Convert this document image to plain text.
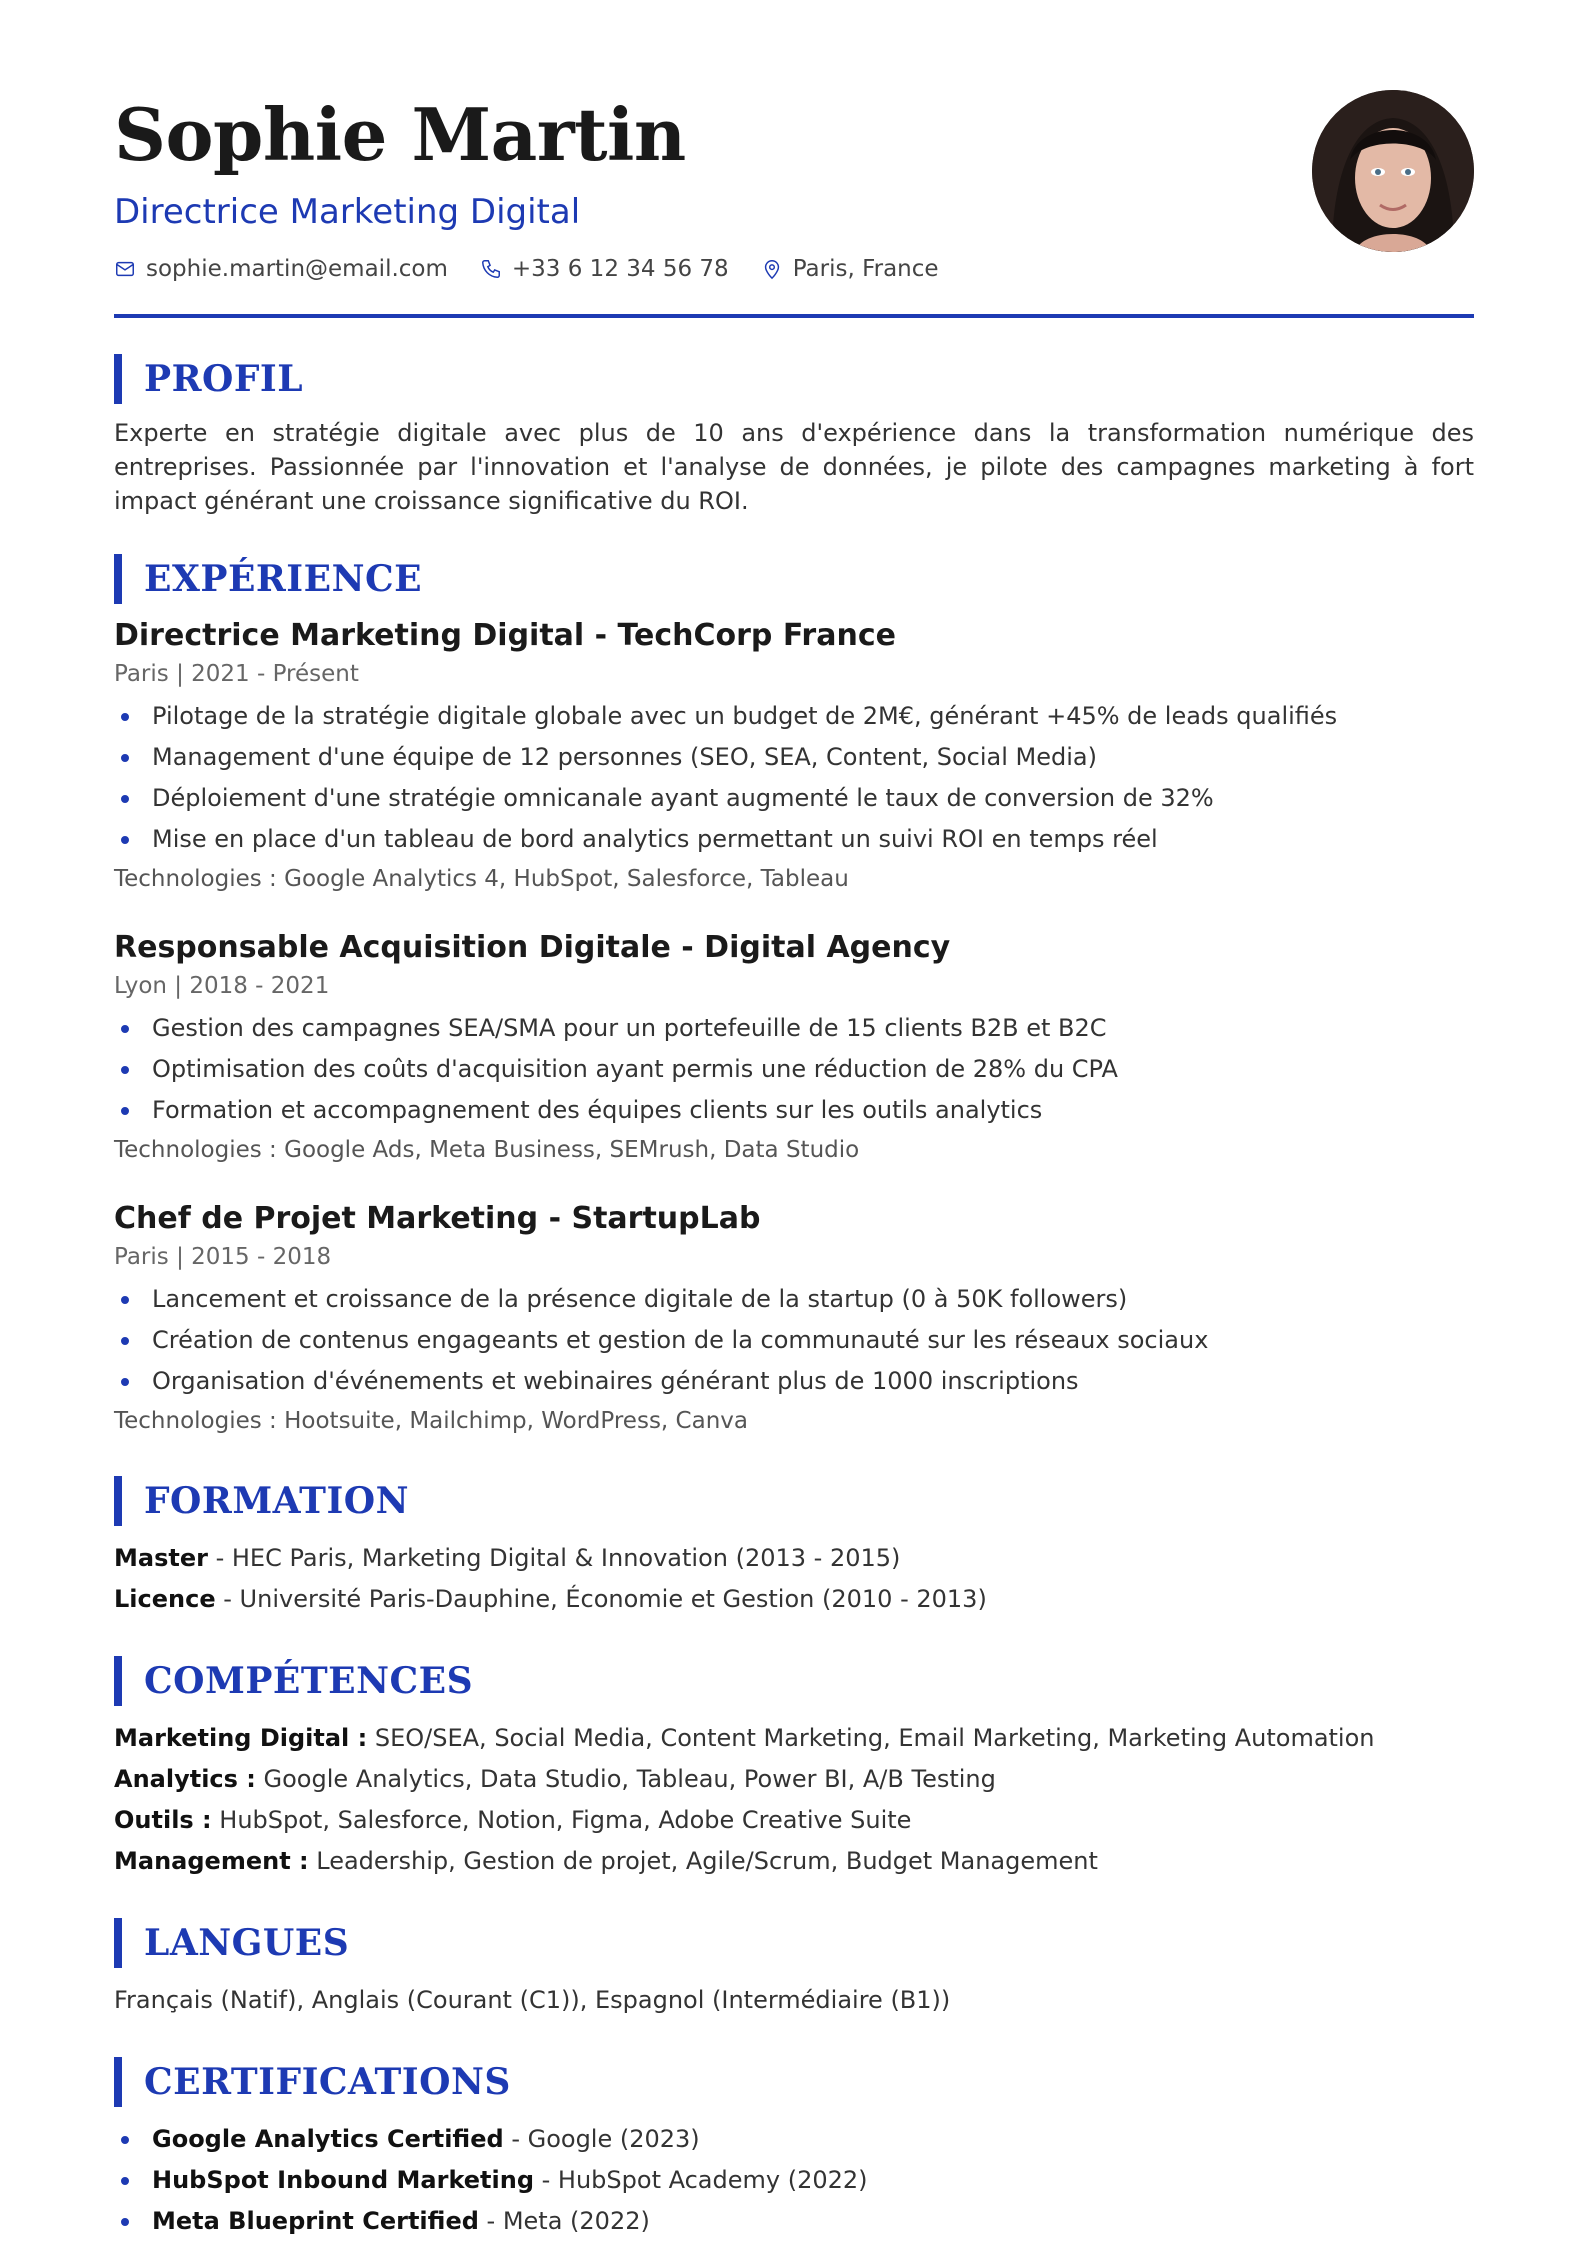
Sophie Martin
Directrice Marketing Digital
sophie.martin@email.com	+33 6 12 34 56 78	Paris, France
PROFIL

Experte en stratégie digitale avec plus de 10 ans d'expérience dans la transformation numérique des entreprises. Passionnée par l'innovation et l'analyse de données, je pilote des campagnes marketing à fort impact générant une croissance significative du ROI.

EXPÉRIENCE

Directrice Marketing Digital - TechCorp France

Paris | 2021 - Présent

Pilotage de la stratégie digitale globale avec un budget de 2M€, générant +45% de leads qualifiés
Management d'une équipe de 12 personnes (SEO, SEA, Content, Social Media)
Déploiement d'une stratégie omnicanale ayant augmenté le taux de conversion de 32%
Mise en place d'un tableau de bord analytics permettant un suivi ROI en temps réel

Technologies : Google Analytics 4, HubSpot, Salesforce, Tableau

Responsable Acquisition Digitale - Digital Agency

Lyon | 2018 - 2021

Gestion des campagnes SEA/SMA pour un portefeuille de 15 clients B2B et B2C
Optimisation des coûts d'acquisition ayant permis une réduction de 28% du CPA
Formation et accompagnement des équipes clients sur les outils analytics

Technologies : Google Ads, Meta Business, SEMrush, Data Studio

Chef de Projet Marketing - StartupLab

Paris | 2015 - 2018

Lancement et croissance de la présence digitale de la startup (0 à 50K followers)
Création de contenus engageants et gestion de la communauté sur les réseaux sociaux
Organisation d'événements et webinaires générant plus de 1000 inscriptions

Technologies : Hootsuite, Mailchimp, WordPress, Canva

FORMATION

Master - HEC Paris, Marketing Digital & Innovation (2013 - 2015)

Licence - Université Paris-Dauphine, Économie et Gestion (2010 - 2013)

COMPÉTENCES

Marketing Digital : SEO/SEA, Social Media, Content Marketing, Email Marketing, Marketing Automation

Analytics : Google Analytics, Data Studio, Tableau, Power BI, A/B Testing

Outils : HubSpot, Salesforce, Notion, Figma, Adobe Creative Suite

Management : Leadership, Gestion de projet, Agile/Scrum, Budget Management

LANGUES

Français (Natif), Anglais (Courant (C1)), Espagnol (Intermédiaire (B1))

CERTIFICATIONS
Google Analytics Certified - Google (2023)
HubSpot Inbound Marketing - HubSpot Academy (2022)
Meta Blueprint Certified - Meta (2022)
